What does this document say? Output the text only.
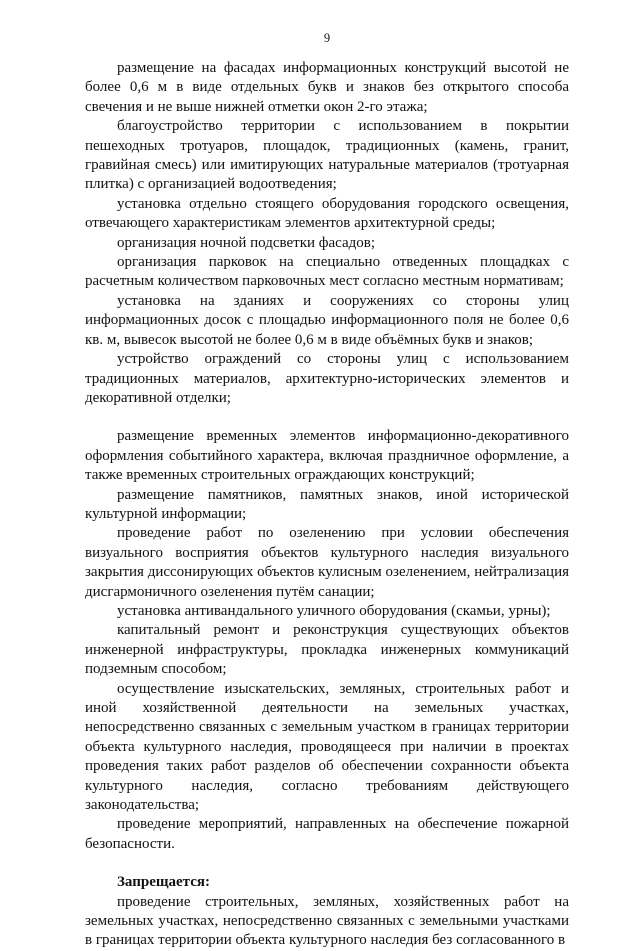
9

размещение на фасадах информационных конструкций высотой не более 0,6 м в виде отдельных букв и знаков без открытого способа свечения и не выше нижней отметки окон 2-го этажа;

благоустройство территории с использованием в покрытии пешеходных тротуаров, площадок, традиционных (камень, гранит, гравийная смесь) или имитирующих натуральные материалов (тротуарная плитка) с организацией водоотведения;

установка отдельно стоящего оборудования городского освещения, отвечающего характеристикам элементов архитектурной среды;

организация ночной подсветки фасадов;

организация парковок на специально отведенных площадках с расчетным количеством парковочных мест согласно местным нормативам;

установка на зданиях и сооружениях со стороны улиц информационных досок с площадью информационного поля не более 0,6 кв. м, вывесок высотой не более 0,6 м в виде объёмных букв и знаков;

устройство ограждений со стороны улиц с использованием традиционных материалов, архитектурно-исторических элементов и декоративной отделки;

размещение временных элементов информационно-декоративного оформления событийного характера, включая праздничное оформление, а также временных строительных ограждающих конструкций;

размещение памятников, памятных знаков, иной исторической культурной информации;

проведение работ по озеленению при условии обеспечения визуального восприятия объектов культурного наследия визуального закрытия диссонирующих объектов кулисным озеленением, нейтрализация дисгармоничного озеленения путём санации;

установка антивандального уличного оборудования (скамьи, урны);

капитальный ремонт и реконструкция существующих объектов инженерной инфраструктуры, прокладка инженерных коммуникаций подземным способом;

осуществление изыскательских, земляных, строительных работ и иной хозяйственной деятельности на земельных участках, непосредственно связанных с земельным участком в границах территории объекта культурного наследия, проводящееся при наличии в проектах проведения таких работ разделов об обеспечении сохранности объекта культурного наследия, согласно требованиям действующего законодательства;

проведение мероприятий, направленных на обеспечение пожарной безопасности.

Запрещается:

проведение строительных, земляных, хозяйственных работ на земельных участках, непосредственно связанных с земельными участками в границах территории объекта культурного наследия без согласованного в
